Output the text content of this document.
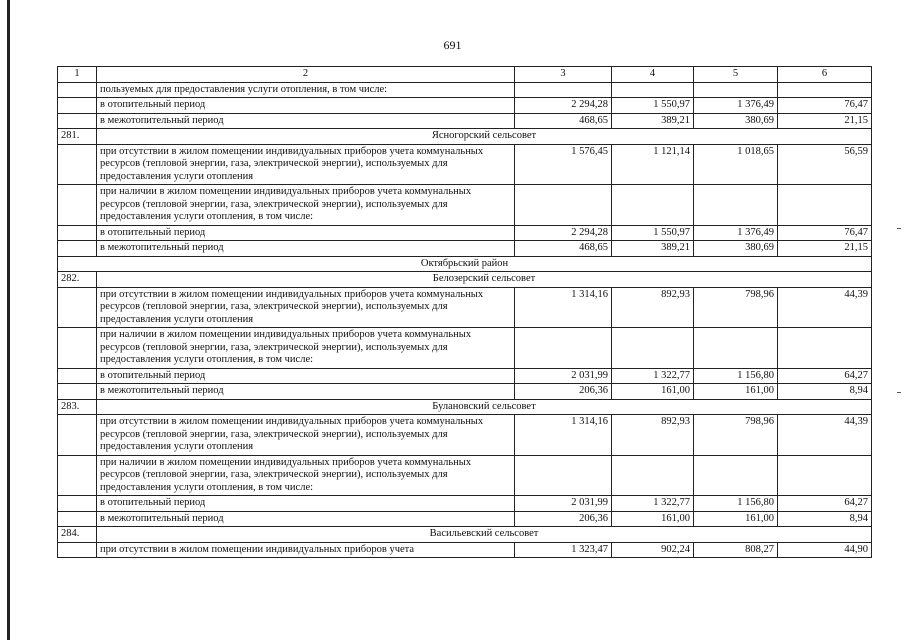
691
1	2	3	4	5	6
	пользуемых для предоставления услуги отопления, в том числе:				
	в отопительный период	2 294,28	1 550,97	1 376,49	76,47
	в межотопительный период	468,65	389,21	380,69	21,15
281.	Ясногорский сельсовет				
	при отсутствии в жилом помещении индивидуальных приборов учета коммунальных ресурсов (тепловой энергии, газа, электрической энергии), используемых для предоставления услуги отопления	1 576,45	1 121,14	1 018,65	56,59
	при наличии в жилом помещении индивидуальных приборов учета коммунальных ресурсов (тепловой энергии, газа, электрической энергии), используемых для предоставления услуги отопления, в том числе:				
	в отопительный период	2 294,28	1 550,97	1 376,49	76,47
	в межотопительный период	468,65	389,21	380,69	21,15
Октябрьский район					
282.	Белозерский сельсовет				
	при отсутствии в жилом помещении индивидуальных приборов учета коммунальных ресурсов (тепловой энергии, газа, электрической энергии), используемых для предоставления услуги отопления	1 314,16	892,93	798,96	44,39
	при наличии в жилом помещении индивидуальных приборов учета коммунальных ресурсов (тепловой энергии, газа, электрической энергии), используемых для предоставления услуги отопления, в том числе:				
	в отопительный период	2 031,99	1 322,77	1 156,80	64,27
	в межотопительный период	206,36	161,00	161,00	8,94
283.	Булановский сельсовет				
	при отсутствии в жилом помещении индивидуальных приборов учета коммунальных ресурсов (тепловой энергии, газа, электрической энергии), используемых для предоставления услуги отопления	1 314,16	892,93	798,96	44,39
	при наличии в жилом помещении индивидуальных приборов учета коммунальных ресурсов (тепловой энергии, газа, электрической энергии), используемых для предоставления услуги отопления, в том числе:				
	в отопительный период	2 031,99	1 322,77	1 156,80	64,27
	в межотопительный период	206,36	161,00	161,00	8,94
284.	Васильевский сельсовет				
	при отсутствии в жилом помещении индивидуальных приборов учета	1 323,47	902,24	808,27	44,90
